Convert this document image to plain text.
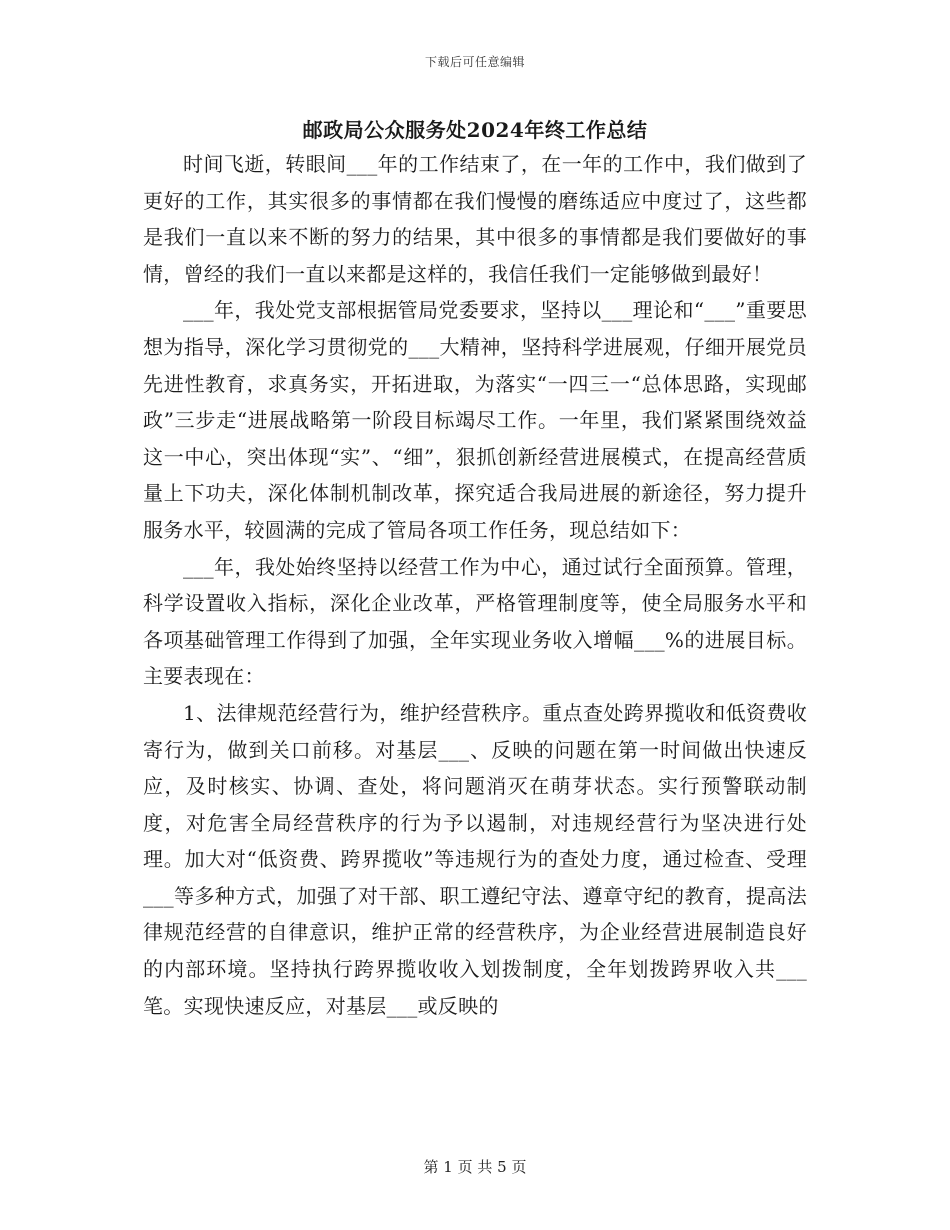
下载后可任意编辑
邮政局公众服务处2024年终工作总结

时间飞逝，转眼间___年的工作结束了，在一年的工作中，我们做到了更好的工作，其实很多的事情都在我们慢慢的磨练适应中度过了，这些都是我们一直以来不断的努力的结果，其中很多的事情都是我们要做好的事情，曾经的我们一直以来都是这样的，我信任我们一定能够做到最好！

___年，我处党支部根据管局党委要求，坚持以___理论和“___”重要思想为指导，深化学习贯彻党的___大精神，坚持科学进展观，仔细开展党员先进性教育，求真务实，开拓进取，为落实“一四三一“总体思路，实现邮政”三步走“进展战略第一阶段目标竭尽工作。一年里，我们紧紧围绕效益这一中心，突出体现“实”、“细”，狠抓创新经营进展模式，在提高经营质量上下功夫，深化体制机制改革，探究适合我局进展的新途径，努力提升服务水平，较圆满的完成了管局各项工作任务，现总结如下：

___年，我处始终坚持以经营工作为中心，通过试行全面预算。管理，科学设置收入指标，深化企业改革，严格管理制度等，使全局服务水平和各项基础管理工作得到了加强，全年实现业务收入增幅___%的进展目标。主要表现在：

1、法律规范经营行为，维护经营秩序。重点查处跨界揽收和低资费收寄行为，做到关口前移。对基层___、反映的问题在第一时间做出快速反应，及时核实、协调、查处，将问题消灭在萌芽状态。实行预警联动制度，对危害全局经营秩序的行为予以遏制，对违规经营行为坚决进行处理。加大对“低资费、跨界揽收”等违规行为的查处力度，通过检查、受理___等多种方式，加强了对干部、职工遵纪守法、遵章守纪的教育，提高法律规范经营的自律意识，维护正常的经营秩序，为企业经营进展制造良好的内部环境。坚持执行跨界揽收收入划拨制度，全年划拨跨界收入共___笔。实现快速反应，对基层___或反映的

第 1 页 共 5 页
